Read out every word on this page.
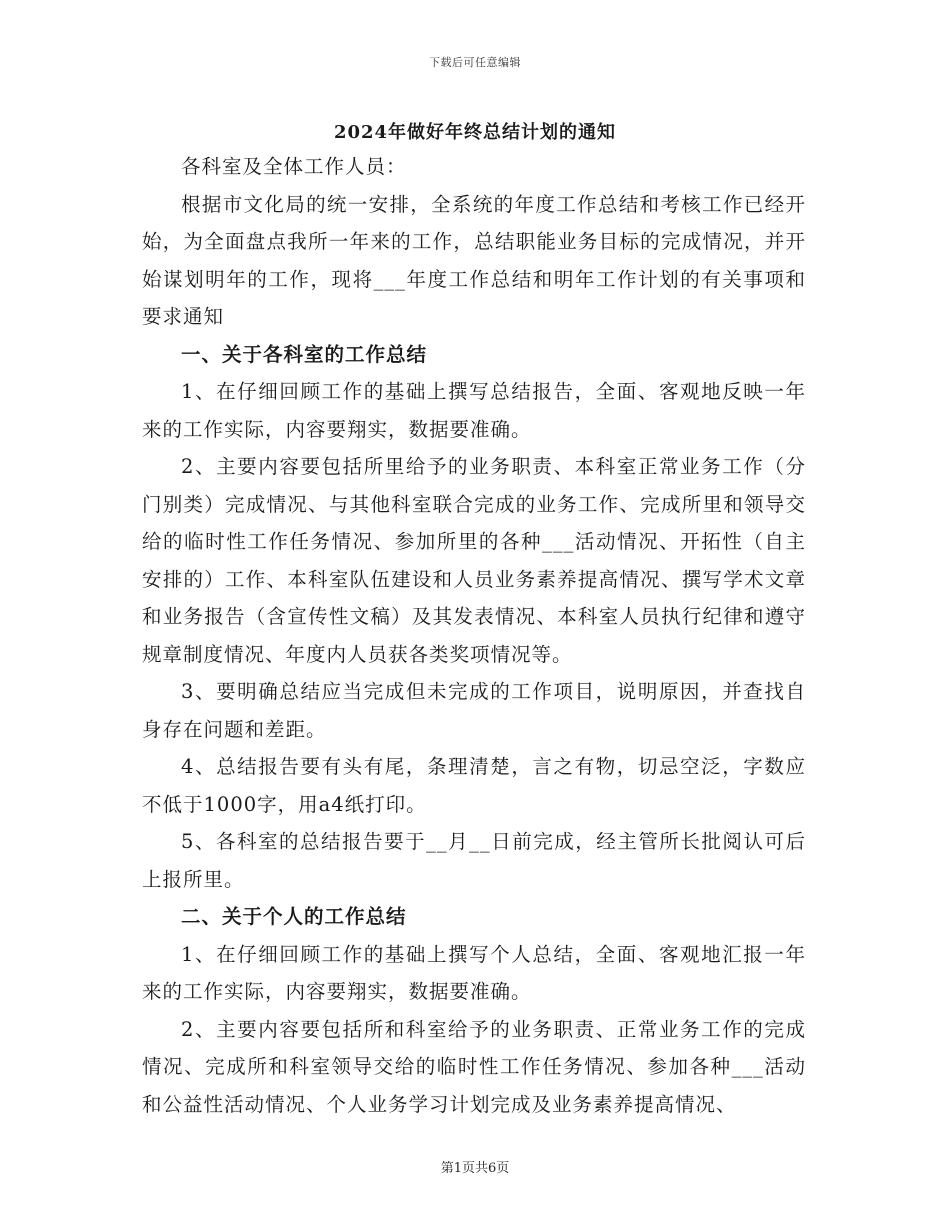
下载后可任意编辑
2024年做好年终总结计划的通知

各科室及全体工作人员：

根据市文化局的统一安排，全系统的年度工作总结和考核工作已经开始，为全面盘点我所一年来的工作，总结职能业务目标的完成情况，并开始谋划明年的工作，现将___年度工作总结和明年工作计划的有关事项和要求通知

一、关于各科室的工作总结

1、在仔细回顾工作的基础上撰写总结报告，全面、客观地反映一年来的工作实际，内容要翔实，数据要准确。

2、主要内容要包括所里给予的业务职责、本科室正常业务工作（分门别类）完成情况、与其他科室联合完成的业务工作、完成所里和领导交给的临时性工作任务情况、参加所里的各种___活动情况、开拓性（自主安排的）工作、本科室队伍建设和人员业务素养提高情况、撰写学术文章和业务报告（含宣传性文稿）及其发表情况、本科室人员执行纪律和遵守规章制度情况、年度内人员获各类奖项情况等。

3、要明确总结应当完成但未完成的工作项目，说明原因，并查找自身存在问题和差距。

4、总结报告要有头有尾，条理清楚，言之有物，切忌空泛，字数应不低于1000字，用a4纸打印。

5、各科室的总结报告要于__月__日前完成，经主管所长批阅认可后上报所里。

二、关于个人的工作总结

1、在仔细回顾工作的基础上撰写个人总结，全面、客观地汇报一年来的工作实际，内容要翔实，数据要准确。

2、主要内容要包括所和科室给予的业务职责、正常业务工作的完成情况、完成所和科室领导交给的临时性工作任务情况、参加各种___活动和公益性活动情况、个人业务学习计划完成及业务素养提高情况、

第1页共6页
